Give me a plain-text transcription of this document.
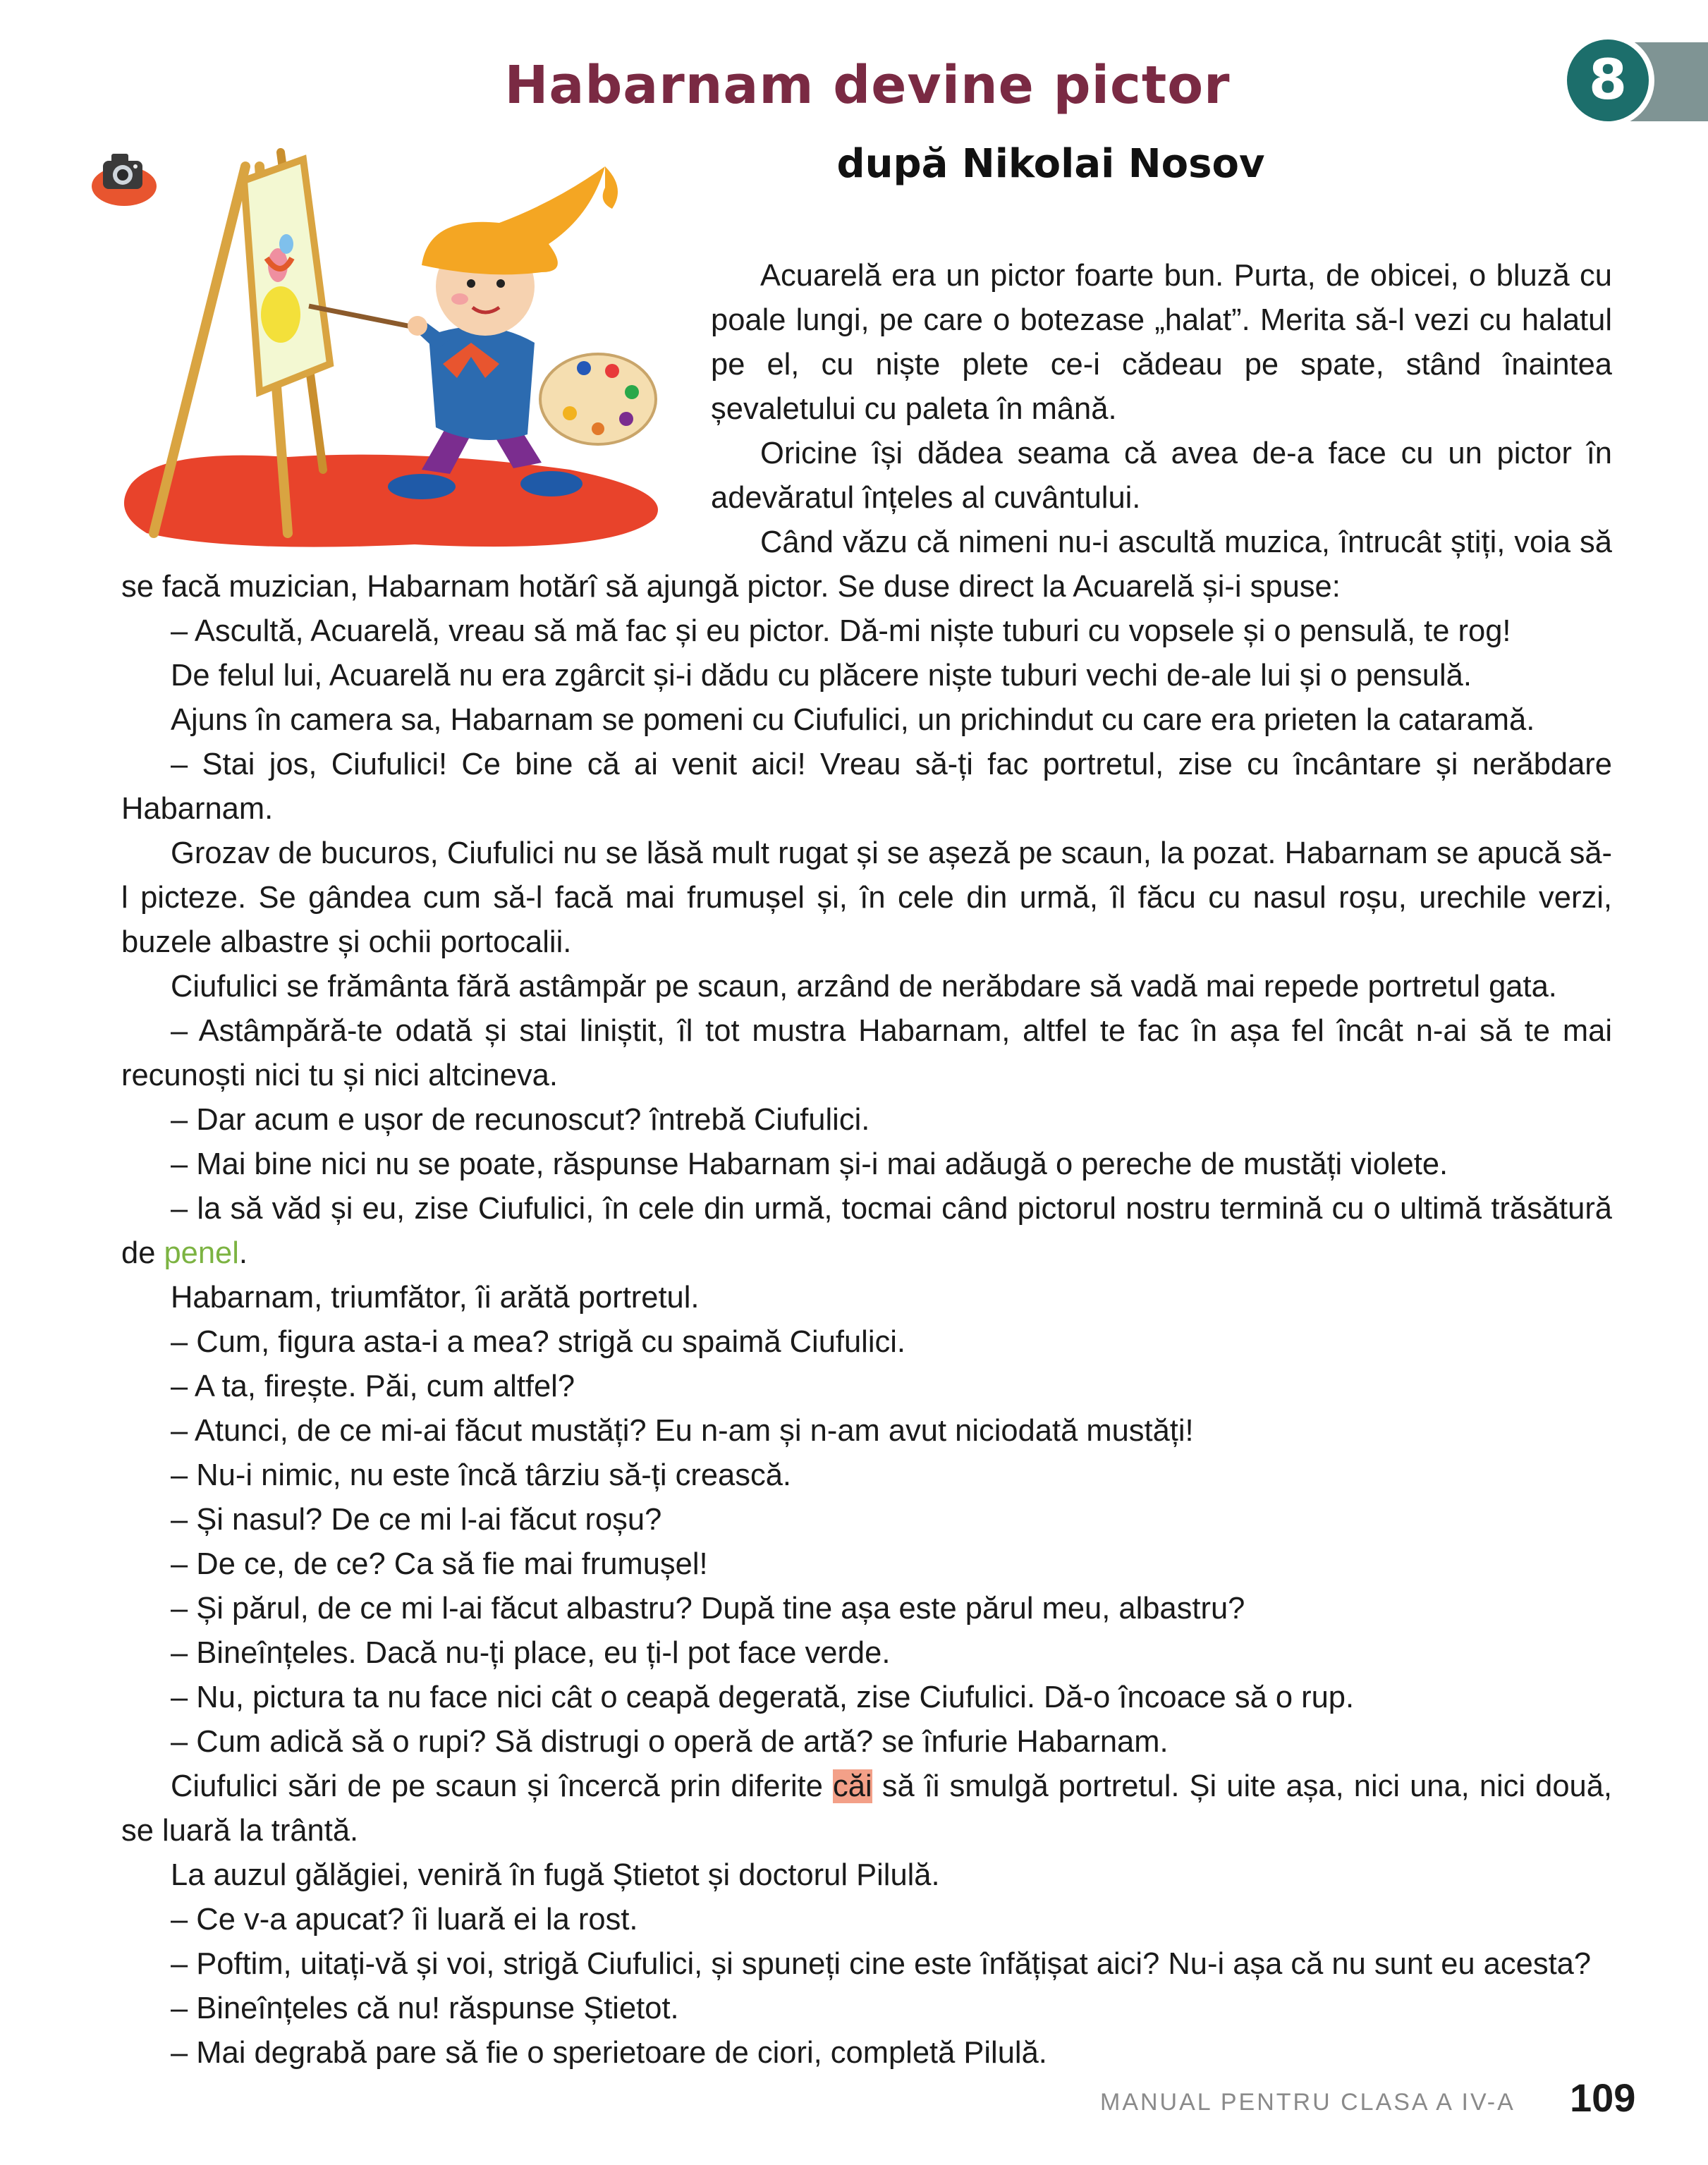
8
Habarnam devine pictor
după Nikolai Nosov

Acuarelă era un pictor foarte bun. Purta, de obicei, o bluză cu poale lungi, pe care o botezase „halat”. Merita să-l vezi cu halatul pe el, cu niște plete ce-i cădeau pe spate, stând înaintea șevaletului cu paleta în mână.

Oricine își dădea seama că avea de-a face cu un pictor în adevăratul înțeles al cuvântului.

Când văzu că nimeni nu-i ascultă muzica, întrucât știți, voia să se facă muzician, Habarnam hotărî să ajungă pictor. Se duse direct la Acuarelă și-i spuse:

– Ascultă, Acuarelă, vreau să mă fac și eu pictor. Dă-mi niște tuburi cu vopsele și o pensulă, te rog!

De felul lui, Acuarelă nu era zgârcit și-i dădu cu plăcere niște tuburi vechi de-ale lui și o pensulă.

Ajuns în camera sa, Habarnam se pomeni cu Ciufulici, un prichindut cu care era prieten la cataramă.

– Stai jos, Ciufulici! Ce bine că ai venit aici! Vreau să-ți fac portretul, zise cu încântare și nerăbdare Habarnam.

Grozav de bucuros, Ciufulici nu se lăsă mult rugat și se așeză pe scaun, la pozat. Habarnam se apucă să-l picteze. Se gândea cum să-l facă mai frumușel și, în cele din urmă, îl făcu cu nasul roșu, urechile verzi, buzele albastre și ochii portocalii.

Ciufulici se frământa fără astâmpăr pe scaun, arzând de nerăbdare să vadă mai repede portretul gata.

– Astâmpără-te odată și stai liniștit, îl tot mustra Habarnam, altfel te fac în așa fel încât n-ai să te mai recunoști nici tu și nici altcineva.

– Dar acum e ușor de recunoscut? întrebă Ciufulici.

– Mai bine nici nu se poate, răspunse Habarnam și-i mai adăugă o pereche de mustăți violete.

– la să văd și eu, zise Ciufulici, în cele din urmă, tocmai când pictorul nostru termină cu o ultimă trăsătură de penel.

Habarnam, triumfător, îi arătă portretul.

– Cum, figura asta-i a mea? strigă cu spaimă Ciufulici.

– A ta, firește. Păi, cum altfel?

– Atunci, de ce mi-ai făcut mustăți? Eu n-am și n-am avut niciodată mustăți!

– Nu-i nimic, nu este încă târziu să-ți crească.

– Și nasul? De ce mi l-ai făcut roșu?

– De ce, de ce? Ca să fie mai frumușel!

– Și părul, de ce mi l-ai făcut albastru? După tine așa este părul meu, albastru?

– Bineînțeles. Dacă nu-ți place, eu ți-l pot face verde.

– Nu, pictura ta nu face nici cât o ceapă degerată, zise Ciufulici. Dă-o încoace să o rup.

– Cum adică să o rupi? Să distrugi o operă de artă? se înfurie Habarnam.

Ciufulici sări de pe scaun și încercă prin diferite căi să îi smulgă portretul. Și uite așa, nici una, nici două, se luară la trântă.

La auzul gălăgiei, veniră în fugă Știetot și doctorul Pilulă.

– Ce v-a apucat? îi luară ei la rost.

– Poftim, uitați-vă și voi, strigă Ciufulici, și spuneți cine este înfățișat aici? Nu-i așa că nu sunt eu acesta?

– Bineînțeles că nu! răspunse Știetot.

– Mai degrabă pare să fie o sperietoare de ciori, completă Pilulă.

MANUAL PENTRU CLASA A IV-A 109
